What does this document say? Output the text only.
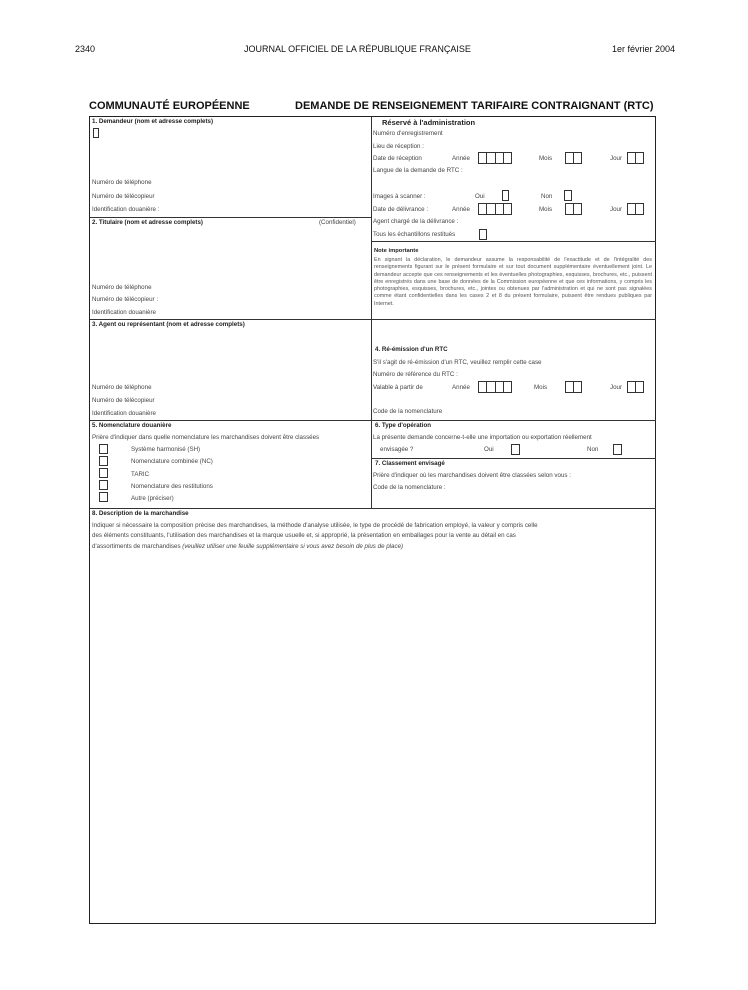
2340	JOURNAL OFFICIEL DE LA RÉPUBLIQUE FRANÇAISE	1er février 2004
COMMUNAUTÉ EUROPÉENNE	DEMANDE DE RENSEIGNEMENT TARIFAIRE CONTRAIGNANT (RTC)
1. Demandeur (nom et adresse complets)
Numéro de téléphone
Numéro de télécopieur
Identification douanière :
Réservé à l'administration
Numéro d'enregistrement
Lieu de réception :
Date de réception	Année	Mois	Jour
Langue de la demande de RTC :
Images à scanner :	Oui	Non
Date de délivrance :	Année	Mois	Jour
Agent chargé de la délivrance :
Tous les échantillons restitués
Note importante
En signant la déclaration, le demandeur assume la responsabilité de l'exactitude et de l'intégralité des renseignements figurant sur le présent formulaire et sur tout document supplémentaire éventuellement joint. Le demandeur accepte que ces renseignements et les éventuelles photographies, esquisses, brochures, etc., puissent être enregistrés dans une base de données de la Commission européenne et que ces informations, y compris les photographies, esquisses, brochures, etc., jointes ou obtenues par l'administration et qui ne sont pas signalées comme étant confidentielles dans les cases 2 et 8 du présent formulaire, puissent être rendues publiques par Internet.
2. Titulaire (nom et adresse complets)	(Confidentiel)
Numéro de téléphone
Numéro de télécopieur :
Identification douanière
3. Agent ou représentant (nom et adresse complets)
Numéro de téléphone
Numéro de télécopieur
Identification douanière
4. Ré-émission d'un RTC
S'il s'agit de ré-émission d'un RTC, veuillez remplir cette case
Numéro de référence du RTC :
Valable à partir de	Année	Mois	Jour
Code de la nomenclature
5. Nomenclature douanière
Prière d'indiquer dans quelle nomenclature les marchandises doivent être classées
Système harmonisé (SH)
Nomenclature combinée (NC)
TARIC
Nomenclature des restitutions
Autre (préciser)
6. Type d'opération
La présente demande concerne-t-elle une importation ou exportation réellement
envisagée ?	Oui	Non
7. Classement envisagé
Prière d'indiquer où les marchandises doivent être classées selon vous :
Code de la nomenclature :
8. Description de la marchandise
Indiquer si nécessaire la composition précise des marchandises, la méthode d'analyse utilisée, le type de procédé de fabrication employé, la valeur y compris celle
des éléments constituants, l'utilisation des marchandises et la marque usuelle et, si approprié, la présentation en emballages pour la vente au détail en cas
d'assortiments de marchandises (veuillez utiliser une feuille supplémentaire si vous avez besoin de plus de place)
